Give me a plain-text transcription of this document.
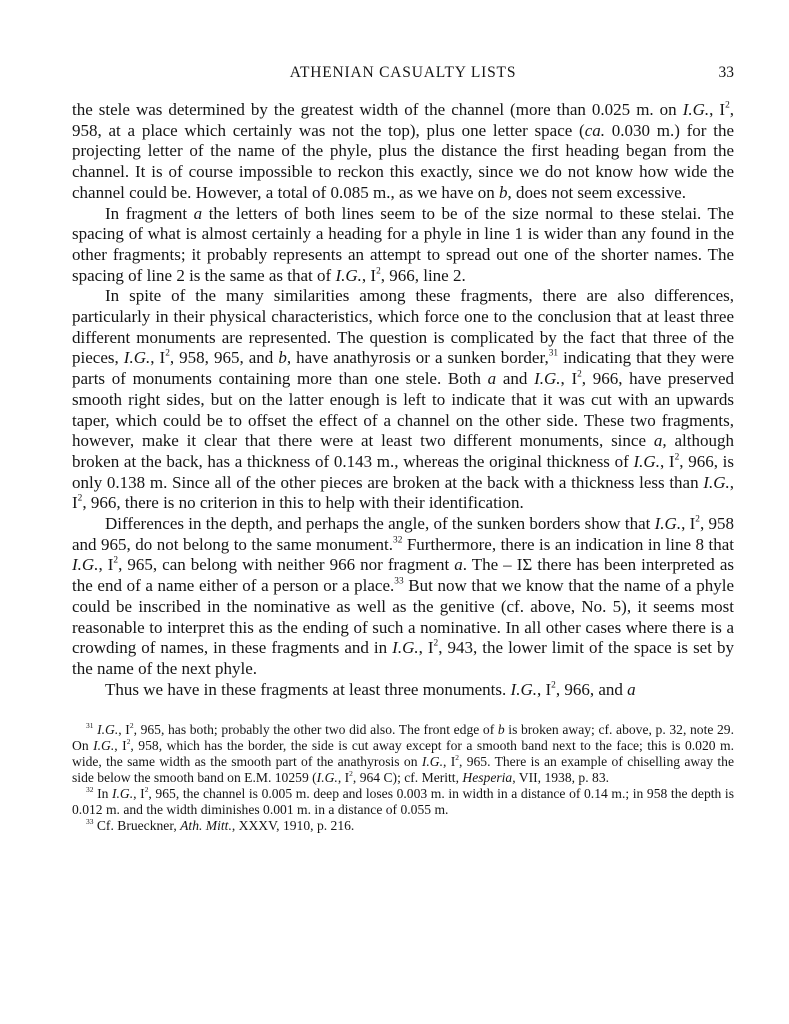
ATHENIAN CASUALTY LISTS	33

the stele was determined by the greatest width of the channel (more than 0.025 m. on I.G., $I^2$, 958, at a place which certainly was not the top), plus one letter space (ca. 0.030 m.) for the projecting letter of the name of the phyle, plus the distance the first heading began from the channel. It is of course impossible to reckon this exactly, since we do not know how wide the channel could be. However, a total of 0.085 m., as we have on b, does not seem excessive.

In fragment a the letters of both lines seem to be of the size normal to these stelai. The spacing of what is almost certainly a heading for a phyle in line 1 is wider than any found in the other fragments; it probably represents an attempt to spread out one of the shorter names. The spacing of line 2 is the same as that of I.G., $I^2$, 966, line 2.

In spite of the many similarities among these fragments, there are also differences, particularly in their physical characteristics, which force one to the conclusion that at least three different monuments are represented. The question is complicated by the fact that three of the pieces, I.G., $I^2$, 958, 965, and b, have anathyrosis or a sunken border,$^{31}$ indicating that they were parts of monuments containing more than one stele. Both a and I.G., $I^2$, 966, have preserved smooth right sides, but on the latter enough is left to indicate that it was cut with an upwards taper, which could be to offset the effect of a channel on the other side. These two fragments, however, make it clear that there were at least two different monuments, since a, although broken at the back, has a thickness of 0.143 m., whereas the original thickness of I.G., $I^2$, 966, is only 0.138 m. Since all of the other pieces are broken at the back with a thickness less than I.G., $I^2$, 966, there is no criterion in this to help with their identification.

Differences in the depth, and perhaps the angle, of the sunken borders show that I.G., $I^2$, 958 and 965, do not belong to the same monument.$^{32}$ Furthermore, there is an indication in line 8 that I.G., $I^2$, 965, can belong with neither 966 nor fragment a. The – IΣ there has been interpreted as the end of a name either of a person or a place.$^{33}$ But now that we know that the name of a phyle could be inscribed in the nominative as well as the genitive (cf. above, No. 5), it seems most reasonable to interpret this as the ending of such a nominative. In all other cases where there is a crowding of names, in these fragments and in I.G., $I^2$, 943, the lower limit of the space is set by the name of the next phyle.

Thus we have in these fragments at least three monuments. I.G., $I^2$, 966, and a

$^{31}$ I.G., $I^2$, 965, has both; probably the other two did also. The front edge of b is broken away; cf. above, p. 32, note 29. On I.G., $I^2$, 958, which has the border, the side is cut away except for a smooth band next to the face; this is 0.020 m. wide, the same width as the smooth part of the anathyrosis on I.G., $I^2$, 965. There is an example of chiselling away the side below the smooth band on E.M. 10259 (I.G., $I^2$, 964 C); cf. Meritt, Hesperia, VII, 1938, p. 83.

$^{32}$ In I.G., $I^2$, 965, the channel is 0.005 m. deep and loses 0.003 m. in width in a distance of 0.14 m.; in 958 the depth is 0.012 m. and the width diminishes 0.001 m. in a distance of 0.055 m.

$^{33}$ Cf. Brueckner, Ath. Mitt., XXXV, 1910, p. 216.
